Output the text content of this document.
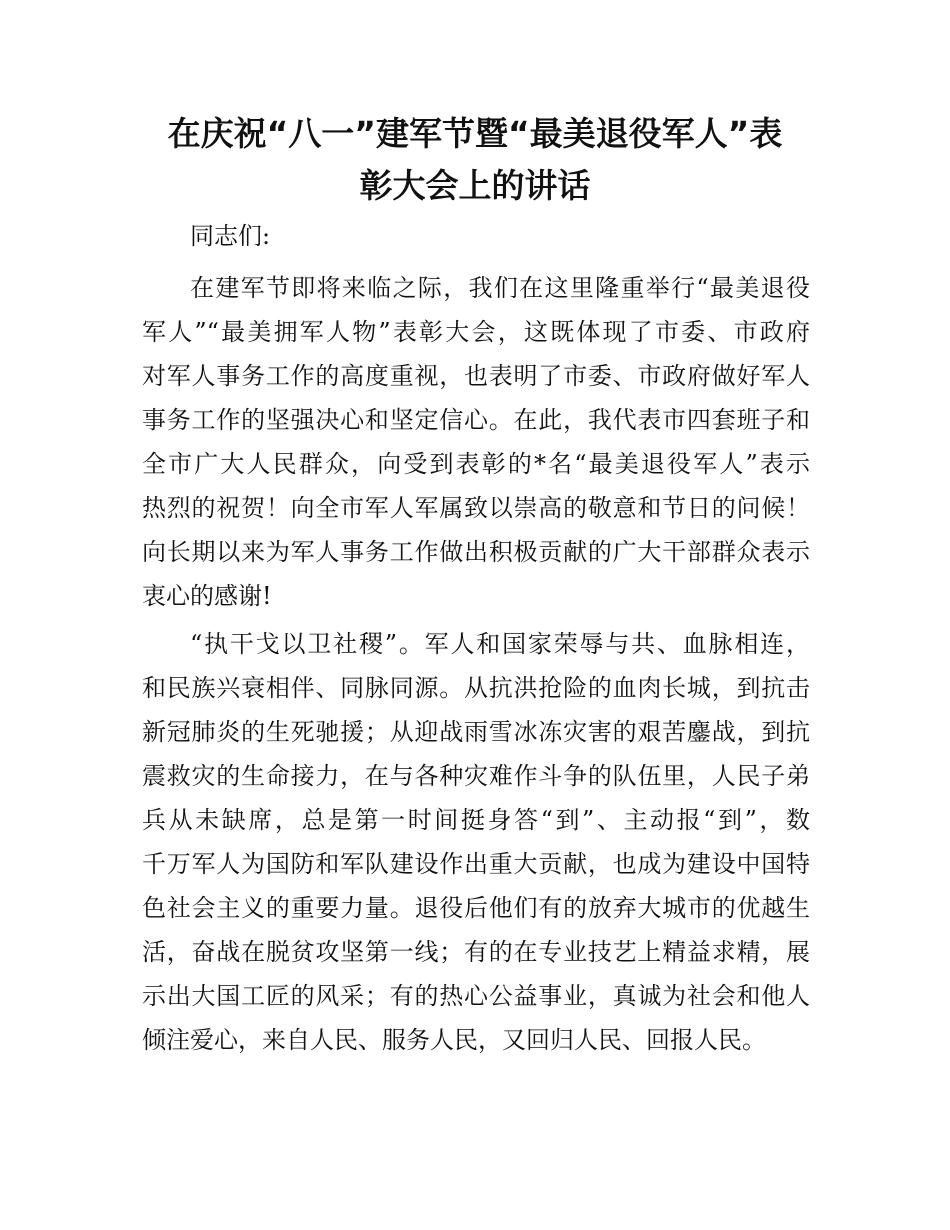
在庆祝“八一”建军节暨“最美退役军人”表
彰大会上的讲话
同志们:
在建军节即将来临之际，我们在这里隆重举行“最美退役
军人”“最美拥军人物”表彰大会，这既体现了市委、市政府
对军人事务工作的高度重视，也表明了市委、市政府做好军人
事务工作的坚强决心和坚定信心。在此，我代表市四套班子和
全市广大人民群众，向受到表彰的*名“最美退役军人”表示
热烈的祝贺！向全市军人军属致以崇高的敬意和节日的问候！
向长期以来为军人事务工作做出积极贡献的广大干部群众表示
衷心的感谢!
“执干戈以卫社稷”。军人和国家荣辱与共、血脉相连，
和民族兴衰相伴、同脉同源。从抗洪抢险的血肉长城，到抗击
新冠肺炎的生死驰援；从迎战雨雪冰冻灾害的艰苦鏖战，到抗
震救灾的生命接力，在与各种灾难作斗争的队伍里，人民子弟
兵从未缺席，总是第一时间挺身答“到”、主动报“到”，数
千万军人为国防和军队建设作出重大贡献，也成为建设中国特
色社会主义的重要力量。退役后他们有的放弃大城市的优越生
活，奋战在脱贫攻坚第一线；有的在专业技艺上精益求精，展
示出大国工匠的风采；有的热心公益事业，真诚为社会和他人
倾注爱心，来自人民、服务人民，又回归人民、回报人民。
